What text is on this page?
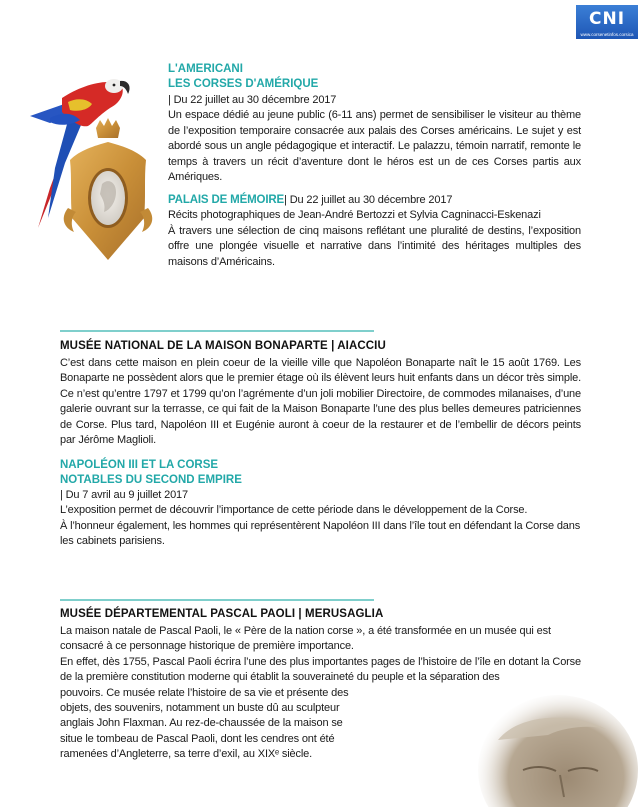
CNI
www.corsenetinfos.corsica
L'AMERICANI
LES CORSES D'AMÉRIQUE
| Du 22 juillet au 30 décembre 2017

Un espace dédié au jeune public (6-11 ans) permet de sensibiliser le visiteur au thème de l’exposition temporaire consacrée aux palais des Corses américains. Le sujet y est abordé sous un angle pédagogique et interactif. Le palazzu, témoin narratif, remonte le temps à travers un récit d’aventure dont le héros est un de ces Corses partis aux Amériques.

PALAIS DE MÉMOIRE| Du 22 juillet au 30 décembre 2017
Récits photographiques de Jean-André Bertozzi et Sylvia Cagninacci-Eskenazi

À travers une sélection de cinq maisons reflétant une pluralité de destins, l’exposition offre une plongée visuelle et narrative dans l’intimité des héritages multiples des maisons d’Américains.

MUSÉE NATIONAL DE LA MAISON BONAPARTE | AIACCIU

C’est dans cette maison en plein coeur de la vieille ville que Napoléon Bonaparte naît le 15 août 1769. Les Bonaparte ne possèdent alors que le premier étage où ils élèvent leurs huit enfants dans un décor très simple. Ce n’est qu’entre 1797 et 1799 qu’on l’agrémente d’un joli mobilier Directoire, de commodes milanaises, d’une galerie ouvrant sur la terrasse, ce qui fait de la Maison Bonaparte l’une des plus belles demeures patriciennes de Corse. Plus tard, Napoléon III et Eugénie auront à coeur de la restaurer et de l’embellir de décors peints par Jérôme Maglioli.

NAPOLÉON III ET LA CORSE
NOTABLES DU SECOND EMPIRE
| Du 7 avril au 9 juillet 2017

L’exposition permet de découvrir l’importance de cette période dans le développement de la Corse.

À l’honneur également, les hommes qui représentèrent Napoléon III dans l’île tout en défendant la Corse dans les cabinets parisiens.

MUSÉE DÉPARTEMENTAL PASCAL PAOLI | MERUSAGLIA

La maison natale de Pascal Paoli, le « Père de la nation corse », a été transformée en un musée qui est consacré à ce personnage historique de première importance.

En effet, dès 1755, Pascal Paoli écrira l’une des plus importantes pages de l’histoire de l’île en dotant la Corse de la première constitution moderne qui établit la souveraineté du peuple et la séparation des

pouvoirs. Ce musée relate l’histoire de sa vie et présente des objets, des souvenirs, notamment un buste dû au sculpteur anglais John Flaxman. Au rez-de-chaussée de la maison se situe le tombeau de Pascal Paoli, dont les cendres ont été ramenées d’Angleterre, sa terre d’exil, au XIXᵉ siècle.
